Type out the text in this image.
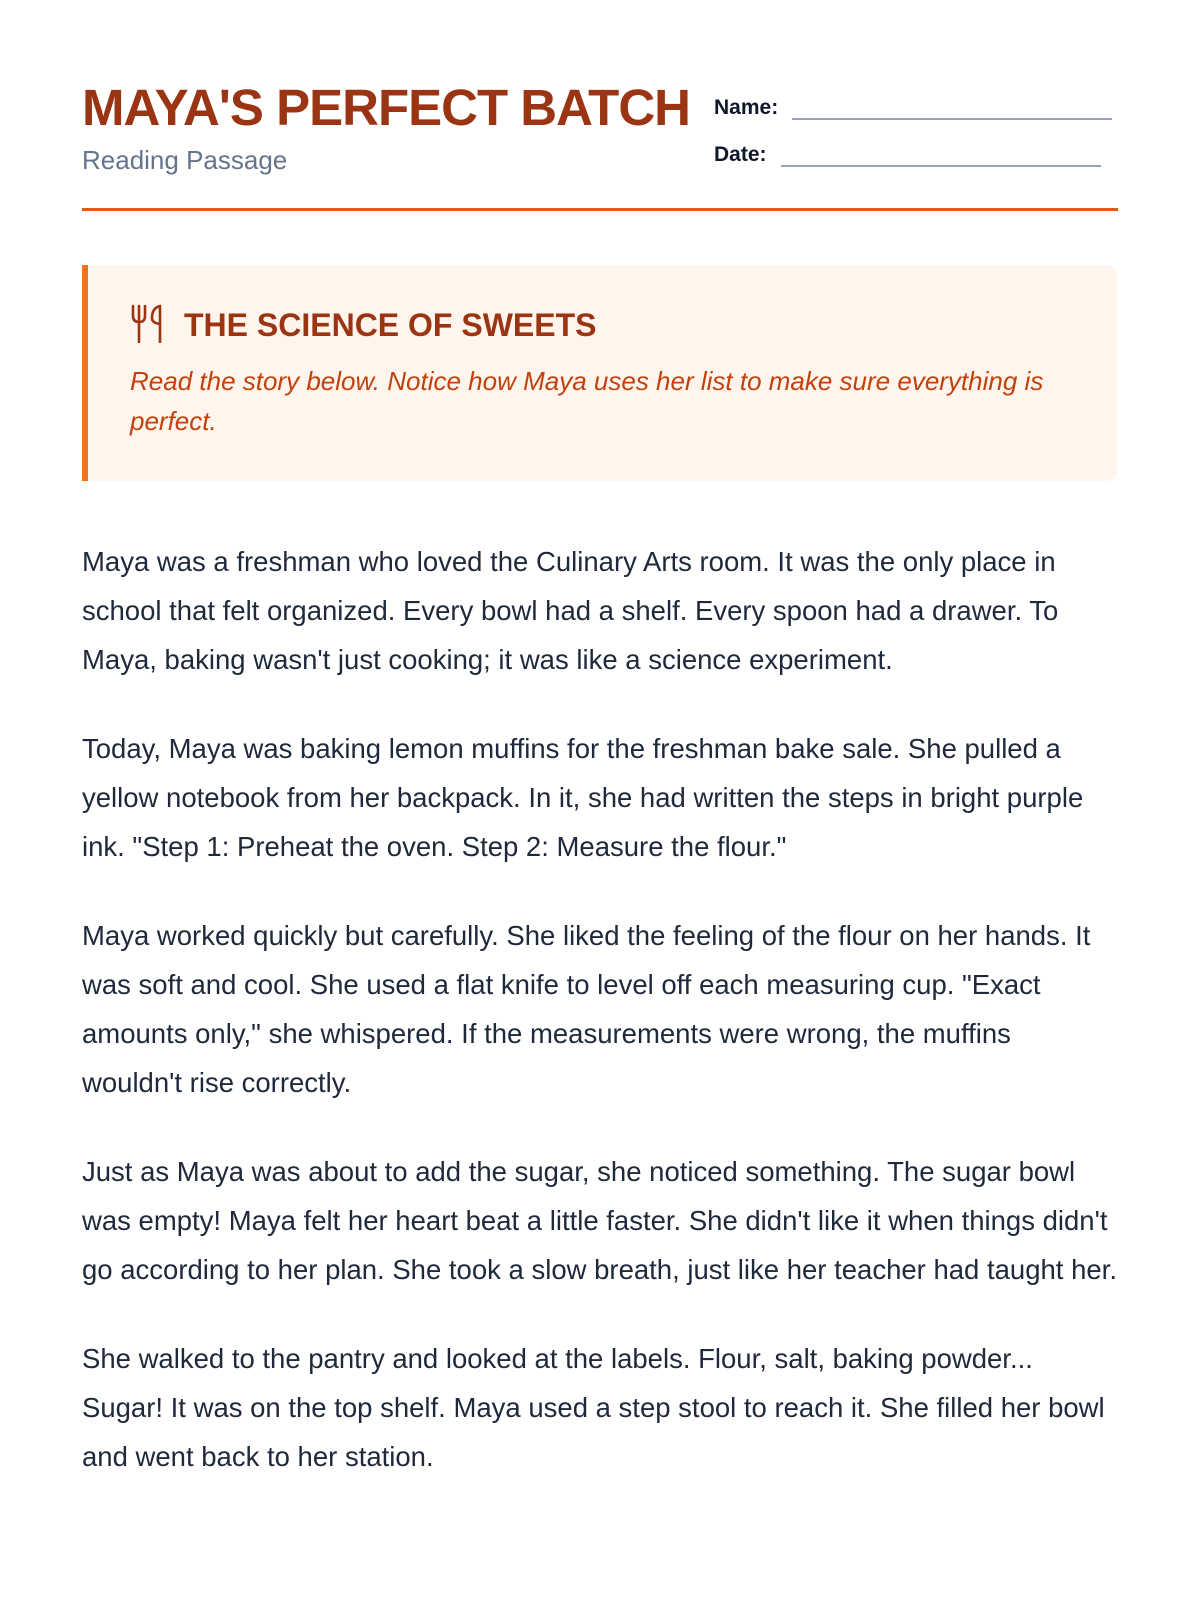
MAYA'S PERFECT BATCH
Reading Passage
Name:
Date:
THE SCIENCE OF SWEETS
Read the story below. Notice how Maya uses her list to make sure everything is perfect.

Maya was a freshman who loved the Culinary Arts room. It was the only place in school that felt organized. Every bowl had a shelf. Every spoon had a drawer. To Maya, baking wasn't just cooking; it was like a science experiment.

Today, Maya was baking lemon muffins for the freshman bake sale. She pulled a yellow notebook from her backpack. In it, she had written the steps in bright purple ink. "Step 1: Preheat the oven. Step 2: Measure the flour."

Maya worked quickly but carefully. She liked the feeling of the flour on her hands. It was soft and cool. She used a flat knife to level off each measuring cup. "Exact amounts only," she whispered. If the measurements were wrong, the muffins wouldn't rise correctly.

Just as Maya was about to add the sugar, she noticed something. The sugar bowl was empty! Maya felt her heart beat a little faster. She didn't like it when things didn't go according to her plan. She took a slow breath, just like her teacher had taught her.

She walked to the pantry and looked at the labels. Flour, salt, baking powder... Sugar! It was on the top shelf. Maya used a step stool to reach it. She filled her bowl and went back to her station.
